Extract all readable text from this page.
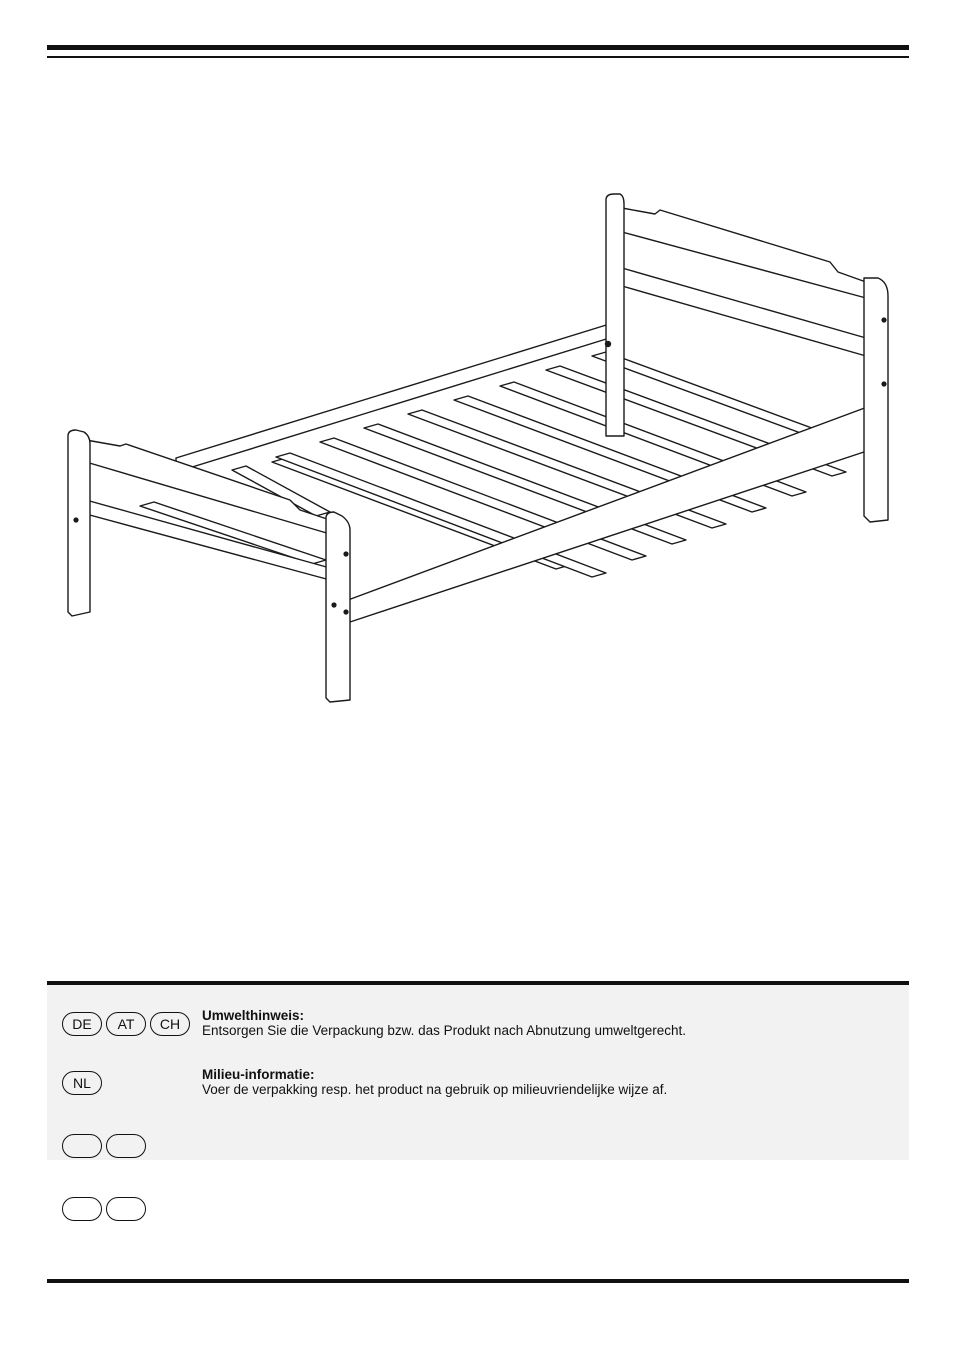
DE	AT	CH
Umwelthinweis:
Entsorgen Sie die Verpackung bzw. das Produkt nach Abnutzung umweltgerecht.
NL
Milieu-informatie:
Voer de verpakking resp. het product na gebruik op milieuvriendelijke wijze af.
